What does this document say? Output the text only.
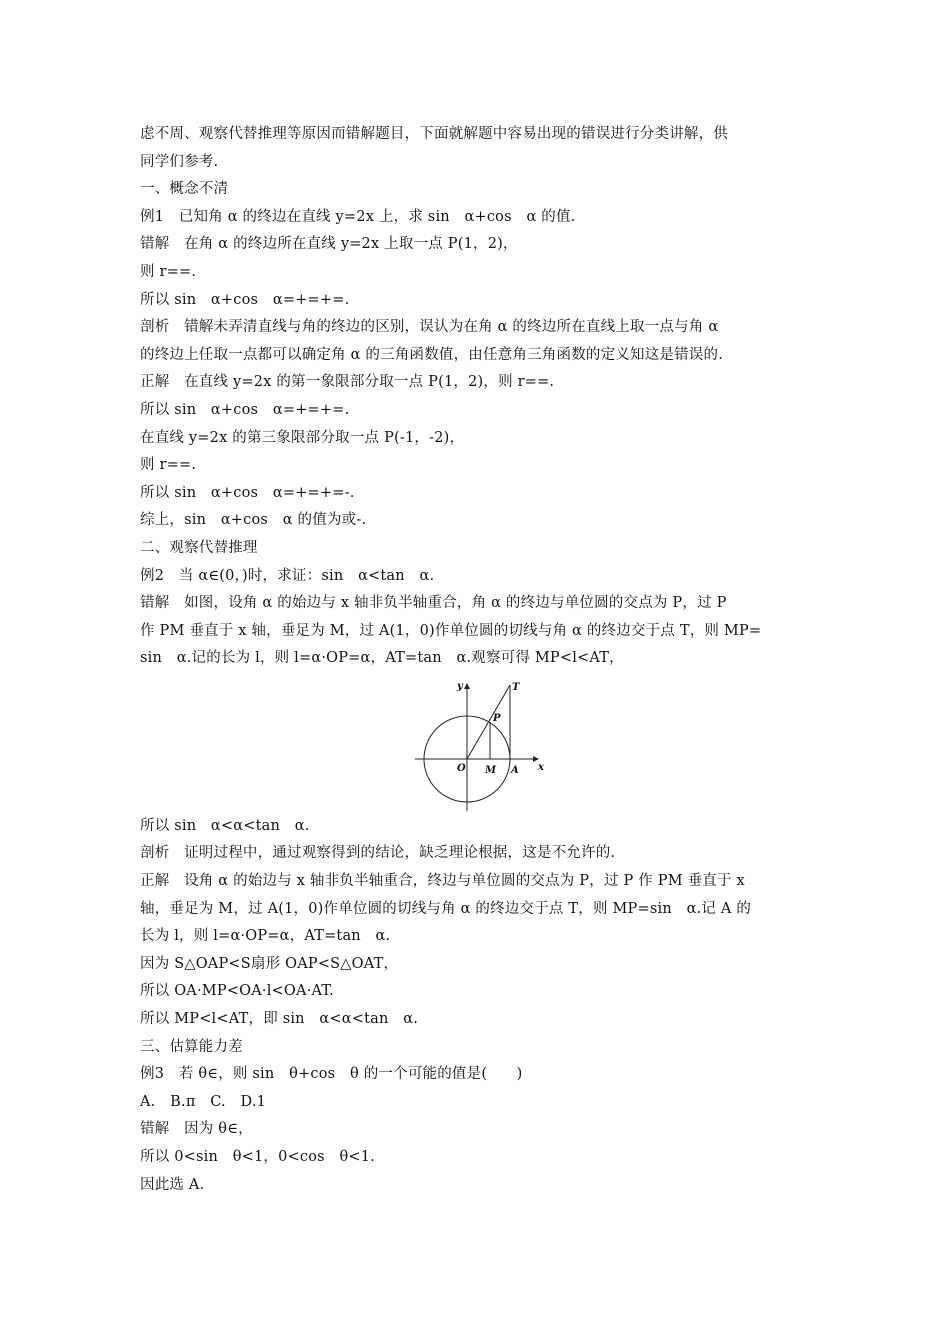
虑不周、观察代替推理等原因而错解题目，下面就解题中容易出现的错误进行分类讲解，供
同学们参考.
一、概念不清
例1　已知角 α 的终边在直线 y=2x 上，求 sin　α+cos　α 的值.
错解　在角 α 的终边所在直线 y=2x 上取一点 P(1，2)，
则 r==.
所以 sin　α+cos　α=+=+=.
剖析　错解未弄清直线与角的终边的区别，误认为在角 α 的终边所在直线上取一点与角 α
的终边上任取一点都可以确定角 α 的三角函数值，由任意角三角函数的定义知这是错误的.
正解　在直线 y=2x 的第一象限部分取一点 P(1，2)，则 r==.
所以 sin　α+cos　α=+=+=.
在直线 y=2x 的第三象限部分取一点 P(-1，-2)，
则 r==.
所以 sin　α+cos　α=+=+=-.
综上，sin　α+cos　α 的值为或-.
二、观察代替推理
例2　当 α∈(0，)时，求证：sin　α<tan　α.
错解　如图，设角 α 的始边与 x 轴非负半轴重合，角 α 的终边与单位圆的交点为 P，过 P
作 PM 垂直于 x 轴，垂足为 M，过 A(1，0)作单位圆的切线与角 α 的终边交于点 T，则 MP=
sin　α.记的长为 l，则 l=α·OP=α，AT=tan　α.观察可得 MP<l<AT，
y
x
T
P
O M A
所以 sin　α<α<tan　α.
剖析　证明过程中，通过观察得到的结论，缺乏理论根据，这是不允许的.
正解　设角 α 的始边与 x 轴非负半轴重合，终边与单位圆的交点为 P，过 P 作 PM 垂直于 x
轴，垂足为 M，过 A(1，0)作单位圆的切线与角 α 的终边交于点 T，则 MP=sin　α.记 A 的
长为 l，则 l=α·OP=α，AT=tan　α.
因为 S△OAP<S扇形 OAP<S△OAT，
所以 OA·MP<OA·l<OA·AT.
所以 MP<l<AT，即 sin　α<α<tan　α.
三、估算能力差
例3　若 θ∈，则 sin　θ+cos　θ 的一个可能的值是(　　)
A.　B.π　C.　D.1
错解　因为 θ∈，
所以 0<sin　θ<1，0<cos　θ<1.
因此选 A.
